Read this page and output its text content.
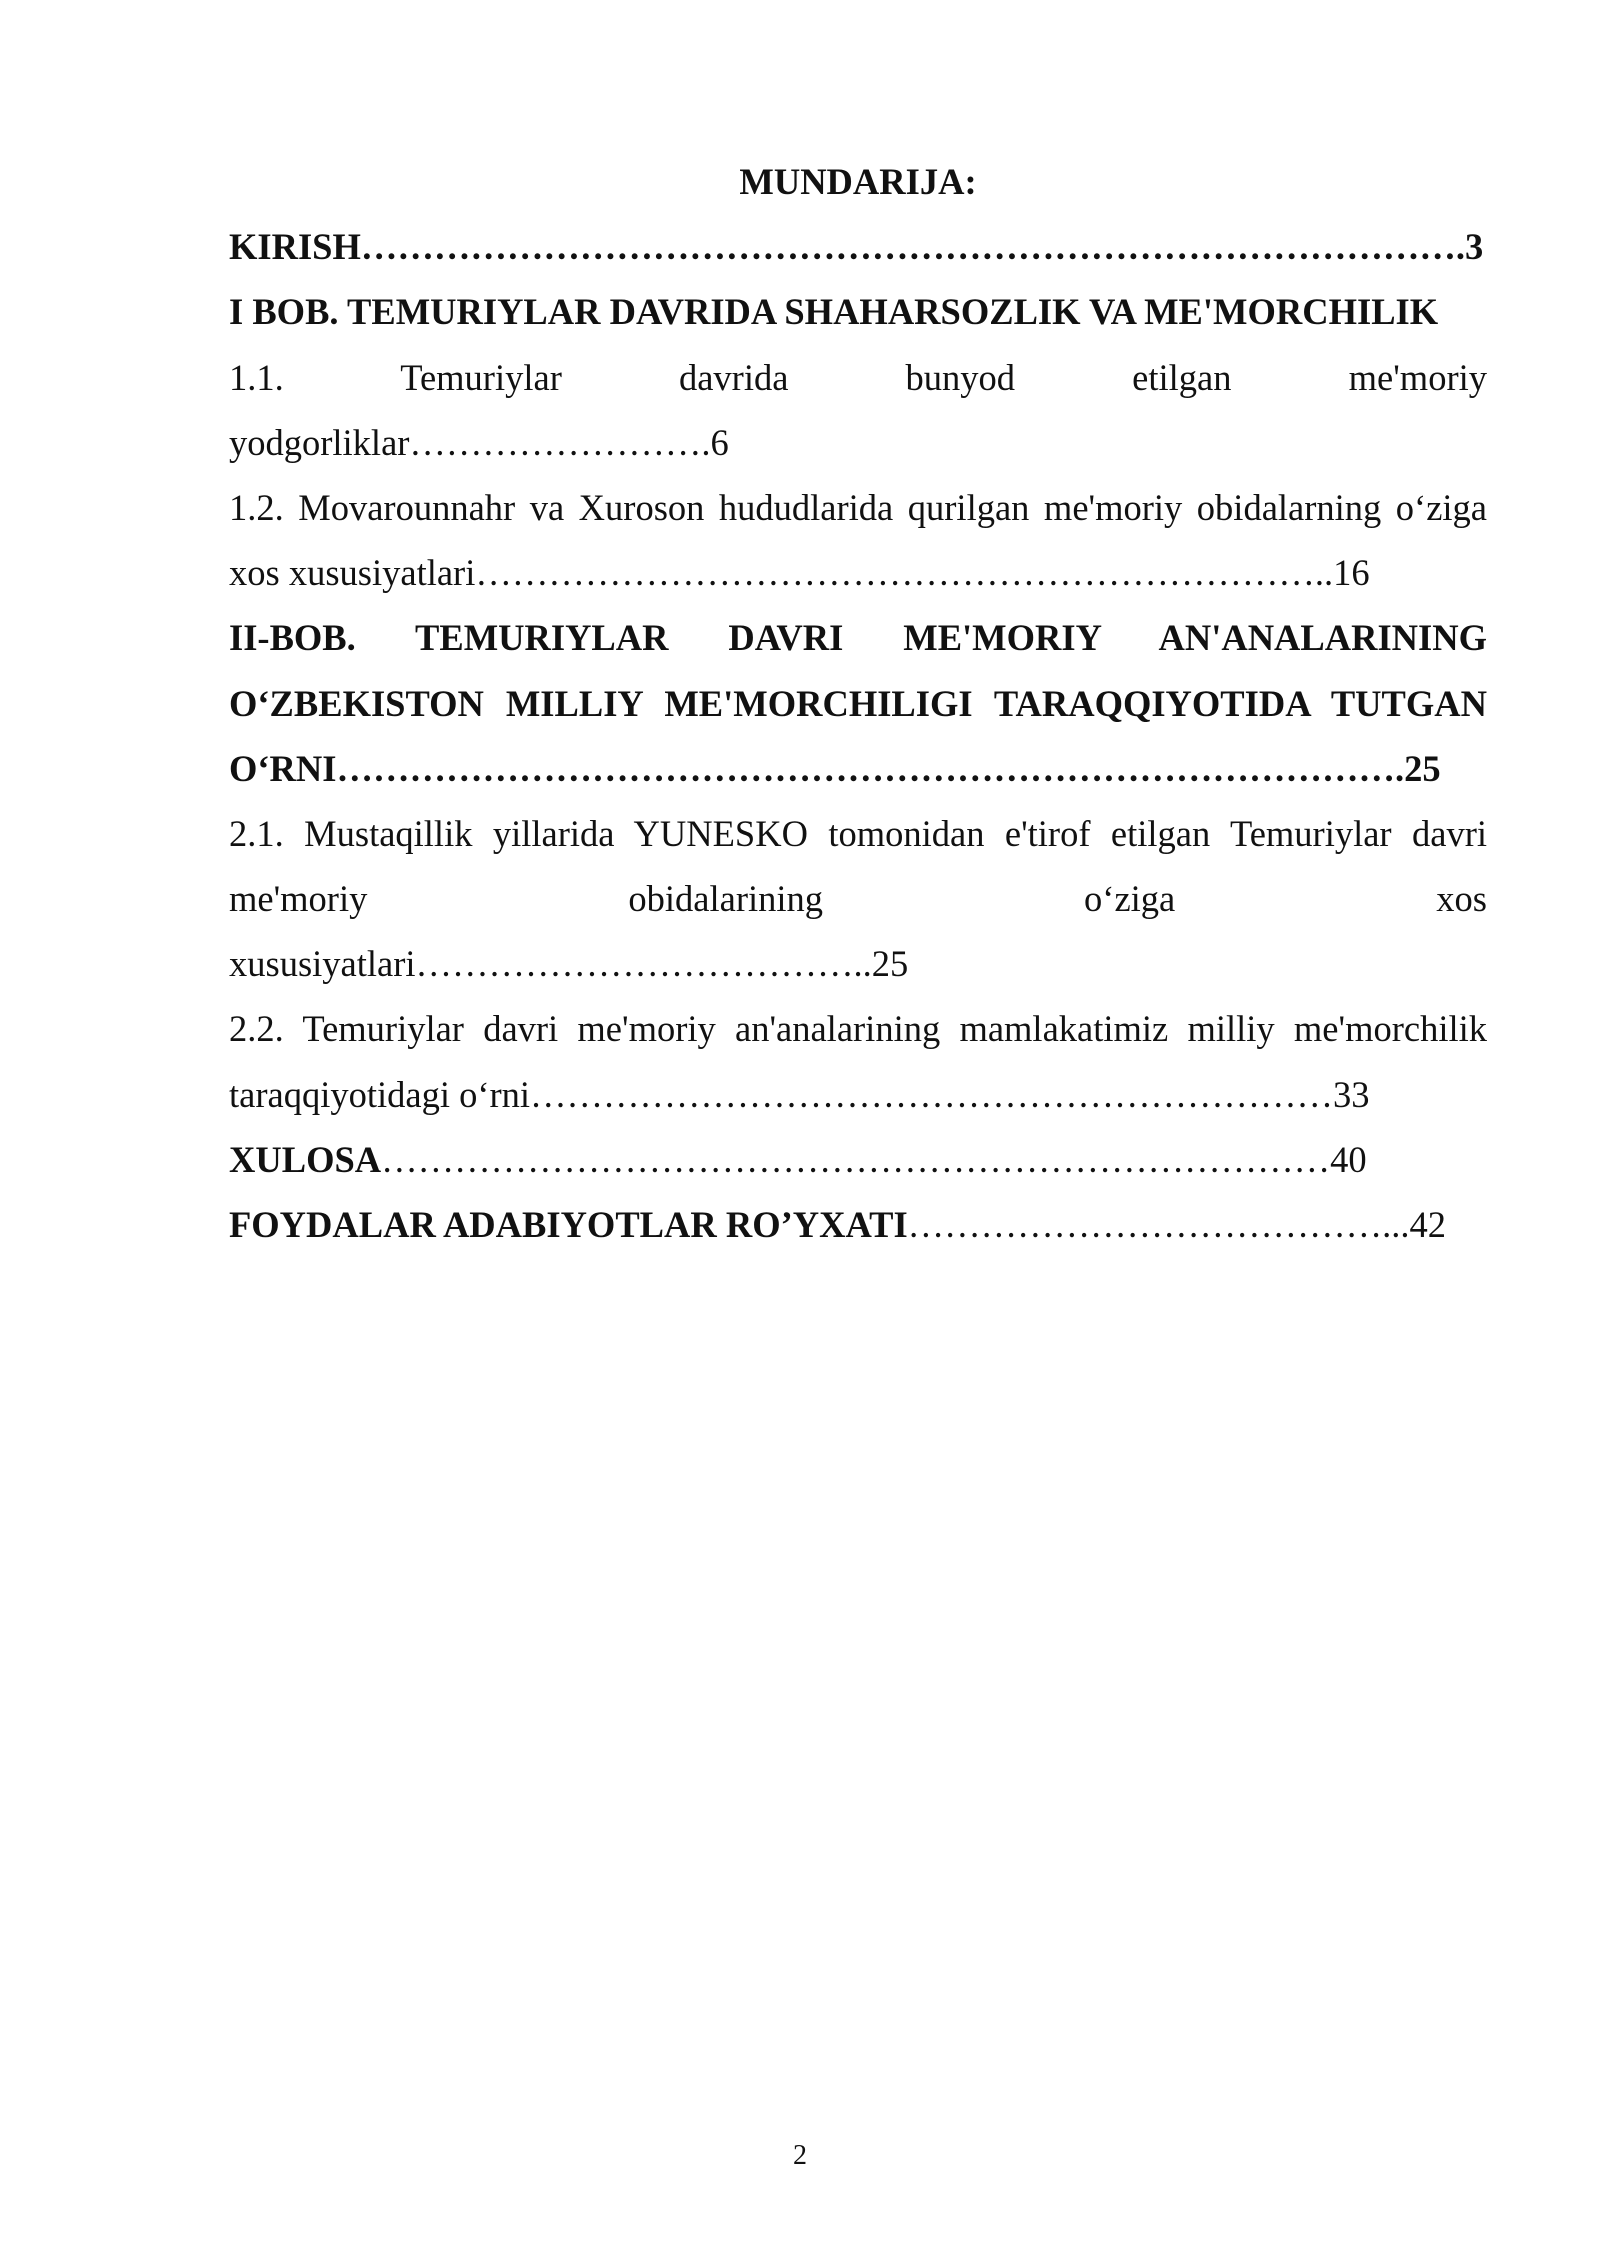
MUNDARIJA:

KIRISH……………………………………………………………………………….3

I BOB. TEMURIYLAR DAVRIDA SHAHARSOZLIK VA ME'MORCHILIK

1.1. Temuriylar davrida bunyod etilgan me'moriy

yodgorliklar…………………….6

1.2. Movarounnahr va Xuroson hududlarida qurilgan me'moriy obidalarning o‘ziga

xos xususiyatlari……………………………………………………………..16

II-BOB. TEMURIYLAR DAVRI ME'MORIY AN'ANALARINING

O‘ZBEKISTON MILLIY ME'MORCHILIGI TARAQQIYOTIDA TUTGAN

O‘RNI…………………………………………………………………………….25

2.1. Mustaqillik yillarida YUNESKO tomonidan e'tirof etilgan Temuriylar davri

me'moriy obidalarining o‘ziga xos

xususiyatlari………………………………..25

2.2. Temuriylar davri me'moriy an'analarining mamlakatimiz milliy me'morchilik

taraqqiyotidagi o‘rni…………………………………………………………33

XULOSA……………………………………………………………………40

FOYDALAR ADABIYOTLAR RO’YXATI…………………………………...42

2
